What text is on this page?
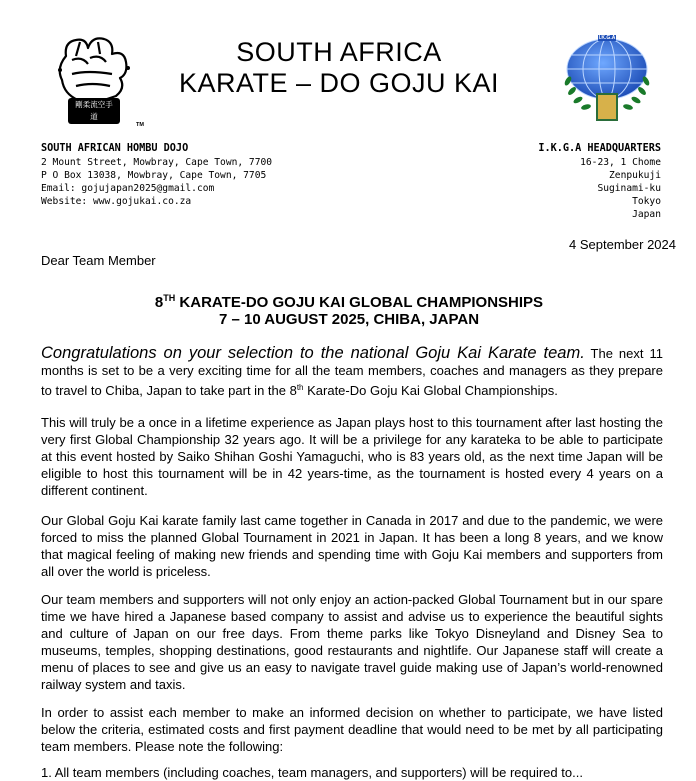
剛柔流空手道
TM
SOUTH AFRICA
KARATE – DO GOJU KAI
I.K.G.A
SOUTH AFRICAN HOMBU DOJO
2 Mount Street, Mowbray, Cape Town, 7700
P O Box 13038, Mowbray, Cape Town, 7705
Email: gojujapan2025@gmail.com
Website: www.gojukai.co.za
I.K.G.A HEADQUARTERS
16-23, 1 Chome
Zenpukuji
Suginami-ku
Tokyo
Japan
4 September 2024
Dear Team Member
8TH KARATE-DO GOJU KAI GLOBAL CHAMPIONSHIPS
7 – 10 AUGUST 2025, CHIBA, JAPAN
Congratulations on your selection to the national Goju Kai Karate team. The next 11 months is set to be a very exciting time for all the team members, coaches and managers as they prepare to travel to Chiba, Japan to take part in the 8th Karate-Do Goju Kai Global Championships.
This will truly be a once in a lifetime experience as Japan plays host to this tournament after last hosting the very first Global Championship 32 years ago. It will be a privilege for any karateka to be able to participate at this event hosted by Saiko Shihan Goshi Yamaguchi, who is 83 years old, as the next time Japan will be eligible to host this tournament will be in 42 years-time, as the tournament is hosted every 4 years on a different continent.
Our Global Goju Kai karate family last came together in Canada in 2017 and due to the pandemic, we were forced to miss the planned Global Tournament in 2021 in Japan. It has been a long 8 years, and we know that magical feeling of making new friends and spending time with Goju Kai members and supporters from all over the world is priceless.
Our team members and supporters will not only enjoy an action-packed Global Tournament but in our spare time we have hired a Japanese based company to assist and advise us to experience the beautiful sights and culture of Japan on our free days. From theme parks like Tokyo Disneyland and Disney Sea to museums, temples, shopping destinations, good restaurants and nightlife. Our Japanese staff will create a menu of places to see and give us an easy to navigate travel guide making use of Japan’s world-renowned railway system and taxis.
In order to assist each member to make an informed decision on whether to participate, we have listed below the criteria, estimated costs and first payment deadline that would need to be met by all participating team members. Please note the following:
1. All team members (including coaches, team managers, and supporters) will be required to...
